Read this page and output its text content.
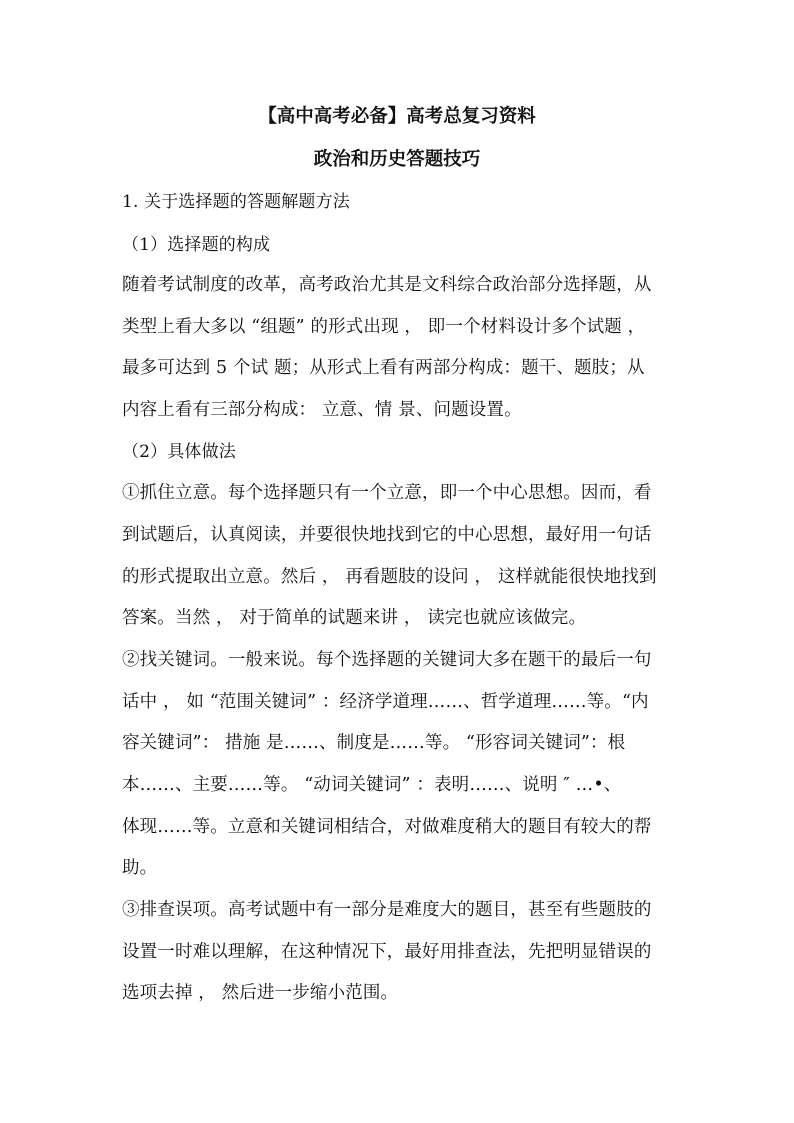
【高中高考必备】高考总复习资料
政治和历史答题技巧
1. 关于选择题的答题解题方法
（1）选择题的构成
随着考试制度的改革，高考政治尤其是文科综合政治部分选择题，从
类型上看大多以 “组题” 的形式出现 ， 即一个材料设计多个试题 ，
最多可达到 5 个试 题；从形式上看有两部分构成：题干、题肢；从
内容上看有三部分构成： 立意、情 景、问题设置。
（2）具体做法
①抓住立意。每个选择题只有一个立意，即一个中心思想。因而，看
到试题后，认真阅读，并要很快地找到它的中心思想，最好用一句话
的形式提取出立意。然后 ， 再看题肢的设问 ， 这样就能很快地找到
答案。当然 ， 对于简单的试题来讲 ， 读完也就应该做完。
②找关键词。一般来说。每个选择题的关键词大多在题干的最后一句
话中 ， 如 “范围关键词” ：经济学道理……、哲学道理……等。“内
容关键词”： 措施 是……、制度是……等。 “形容词关键词”：根
本……、主要……等。 “动词关键词” ：表明……、说明 ″ …•、
体现……等。立意和关键词相结合，对做难度稍大的题目有较大的帮
助。
③排查误项。高考试题中有一部分是难度大的题目，甚至有些题肢的
设置一时难以理解，在这种情况下，最好用排查法，先把明显错误的
选项去掉 ， 然后进一步缩小范围。
